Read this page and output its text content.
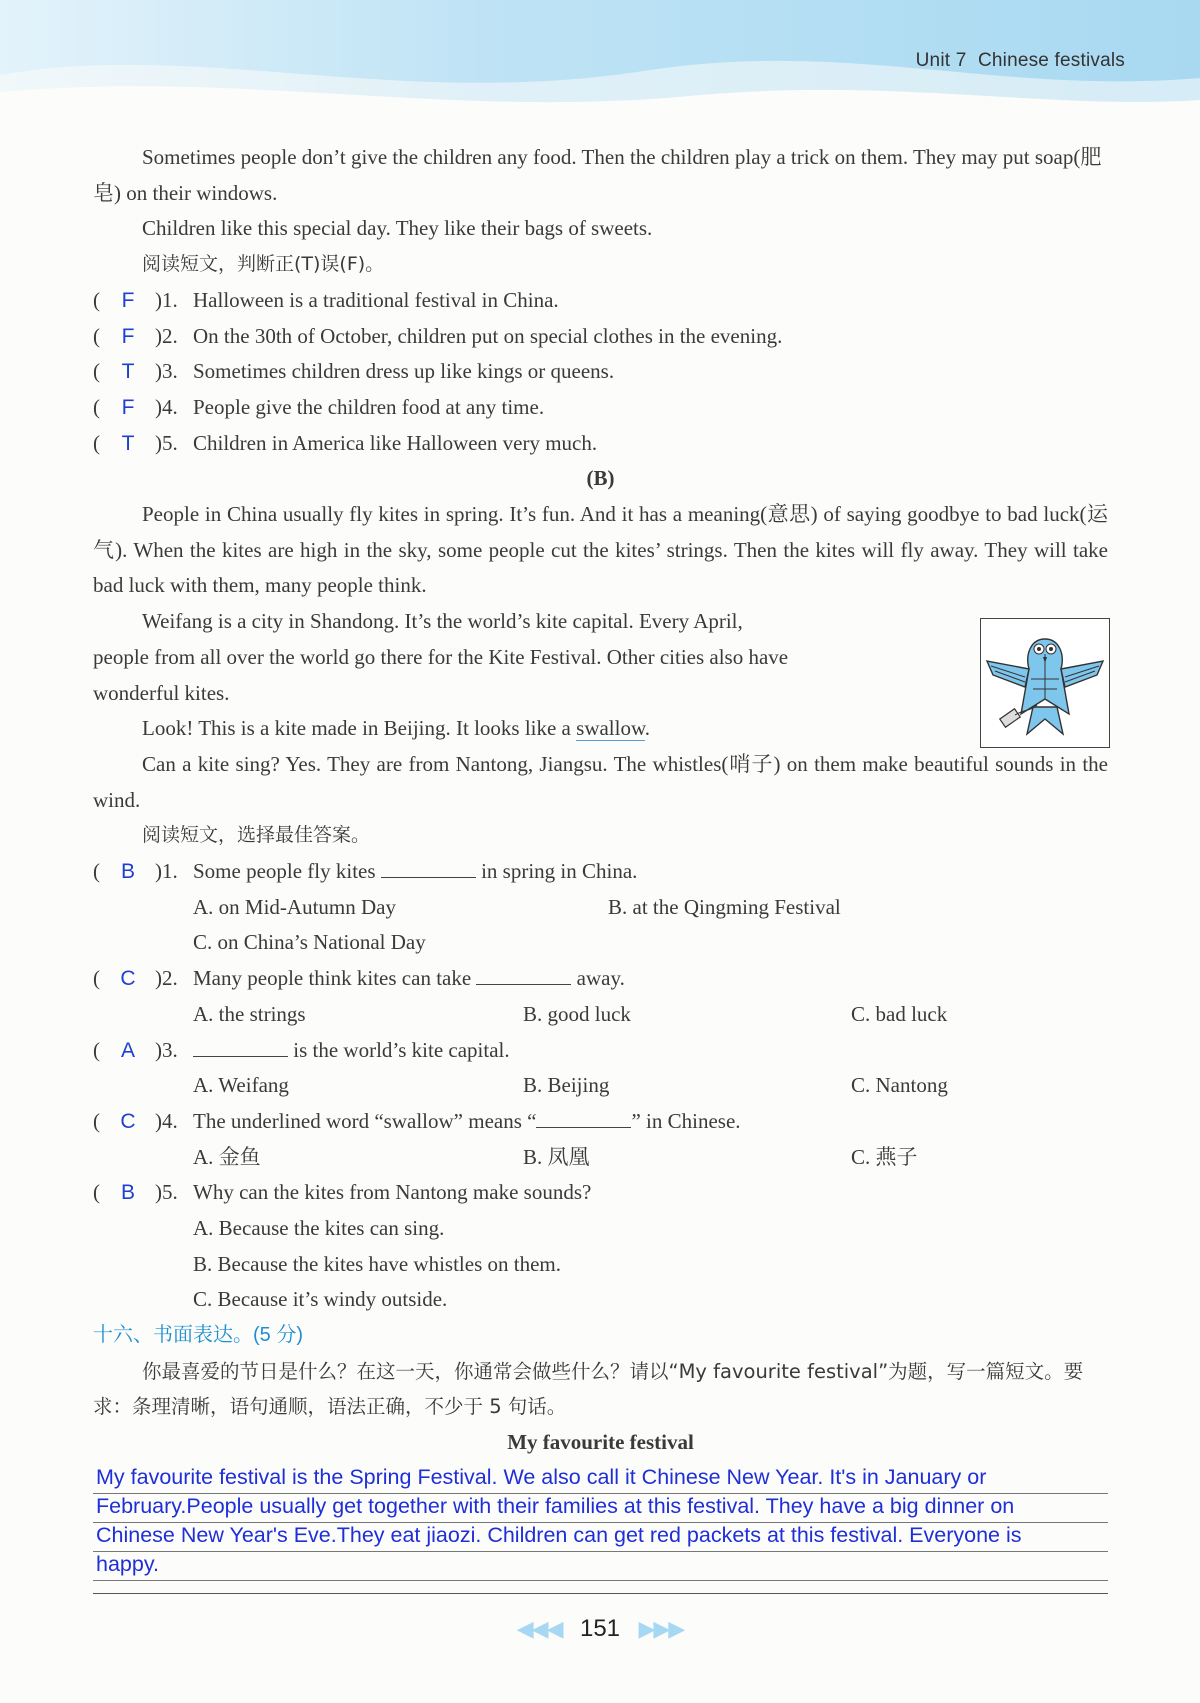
Unit 7 Chinese festivals

Sometimes people don’t give the children any food. Then the children play a trick on them. They may put soap(肥皂) on their windows.

Children like this special day. They like their bags of sweets.

阅读短文，判断正(T)误(F)。

(	F )1. Halloween is a traditional festival in China.

(	F )2. On the 30th of October, children put on special clothes in the evening.

(	T )3. Sometimes children dress up like kings or queens.

(	F )4. People give the children food at any time.

(	T )5. Children in America like Halloween very much.

(B)

People in China usually fly kites in spring. It’s fun. And it has a meaning(意思) of saying goodbye to bad luck(运气). When the kites are high in the sky, some people cut the kites’ strings. Then the kites will fly away. They will take bad luck with them, many people think.

Weifang is a city in Shandong. It’s the world’s kite capital. Every April,

people from all over the world go there for the Kite Festival. Other cities also have

wonderful kites.

Look! This is a kite made in Beijing. It looks like a swallow.

Can a kite sing? Yes. They are from Nantong, Jiangsu. The whistles(哨子) on them make beautiful sounds in the wind.

阅读短文，选择最佳答案。

( B )1. Some people fly kites	in spring in China.

A. on Mid-Autumn Day	B. at the Qingming Festival
C. on China’s National Day

( C )2. Many people think kites can take	away.

A. the strings	B. good luck	C. bad luck

( A )3.	is the world’s kite capital.

A. Weifang	B. Beijing	C. Nantong

( C )4. The underlined word “swallow” means “	” in Chinese.

A. 金鱼	B. 凤凰	C. 燕子

( B )5. Why can the kites from Nantong make sounds?

A. Because the kites can sing.
B. Because the kites have whistles on them.
C. Because it’s windy outside.

十六、书面表达。(5 分)

你最喜爱的节日是什么？在这一天，你通常会做些什么？请以“My favourite festival”为题，写一篇短文。要求：条理清晰，语句通顺，语法正确，不少于 5 句话。

My favourite festival

My favourite festival is the Spring Festival. We also call it Chinese New Year. It's in January or
February.People usually get together with their families at this festival. They have a big dinner on
Chinese New Year's Eve.They eat jiaozi. Children can get red packets at this festival. Everyone is
happy.
◀◀◀ 151 ▶▶▶
